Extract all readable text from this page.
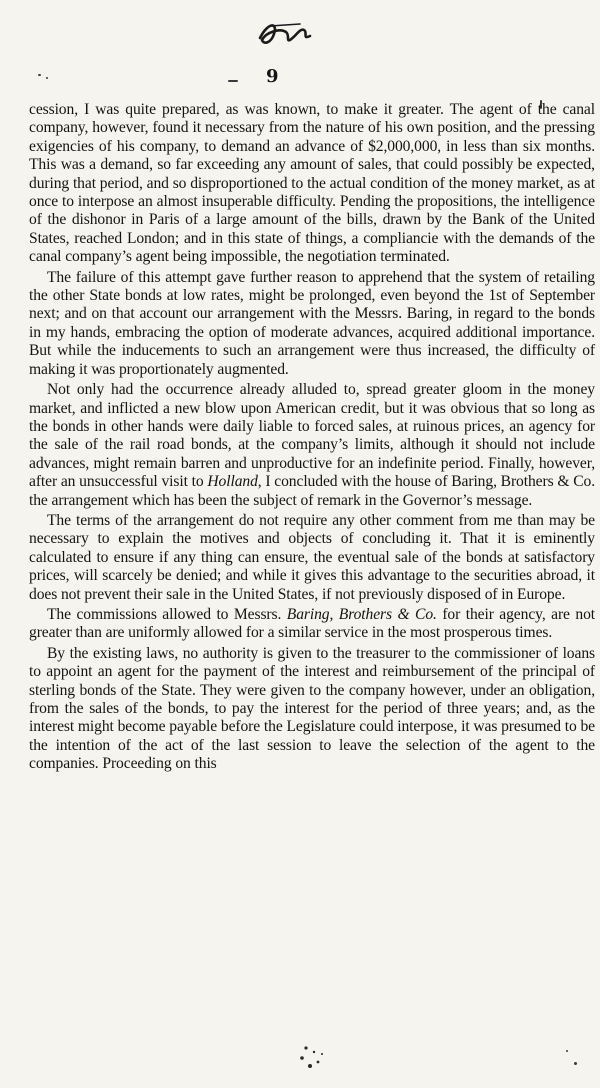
9

cession, I was quite prepared, as was known, to make it greater. The agent of the canal company, however, found it necessary from the nature of his own position, and the pressing exigencies of his company, to demand an advance of $2,000,000, in less than six months. This was a demand, so far exceeding any amount of sales, that could possibly be expected, during that period, and so disproportioned to the actual condition of the money market, as at once to interpose an almost insuperable difficulty. Pending the propositions, the intelligence of the dishonor in Paris of a large amount of the bills, drawn by the Bank of the United States, reached London; and in this state of things, a compliancie with the demands of the canal company’s agent being impossible, the negotiation terminated.

The failure of this attempt gave further reason to apprehend that the system of retailing the other State bonds at low rates, might be prolonged, even beyond the 1st of September next; and on that account our arrangement with the Messrs. Baring, in regard to the bonds in my hands, embracing the option of moderate advances, acquired additional importance. But while the inducements to such an arrangement were thus increased, the difficulty of making it was proportionately augmented.

Not only had the occurrence already alluded to, spread greater gloom in the money market, and inflicted a new blow upon American credit, but it was obvious that so long as the bonds in other hands were daily liable to forced sales, at ruinous prices, an agency for the sale of the rail road bonds, at the company’s limits, although it should not include advances, might remain barren and unproductive for an indefinite period. Finally, however, after an unsuccessful visit to Holland, I concluded with the house of Baring, Brothers & Co. the arrangement which has been the subject of remark in the Governor’s message.

The terms of the arrangement do not require any other comment from me than may be necessary to explain the motives and objects of concluding it. That it is eminently calculated to ensure if any thing can ensure, the eventual sale of the bonds at satisfactory prices, will scarcely be denied; and while it gives this advantage to the securities abroad, it does not prevent their sale in the United States, if not previously disposed of in Europe.

The commissions allowed to Messrs. Baring, Brothers & Co. for their agency, are not greater than are uniformly allowed for a similar service in the most prosperous times.

By the existing laws, no authority is given to the treasurer to the commissioner of loans to appoint an agent for the payment of the interest and reimbursement of the principal of sterling bonds of the State. They were given to the company however, under an obligation, from the sales of the bonds, to pay the interest for the period of three years; and, as the interest might become payable before the Legislature could interpose, it was presumed to be the intention of the act of the last session to leave the selection of the agent to the companies. Proceeding on this
